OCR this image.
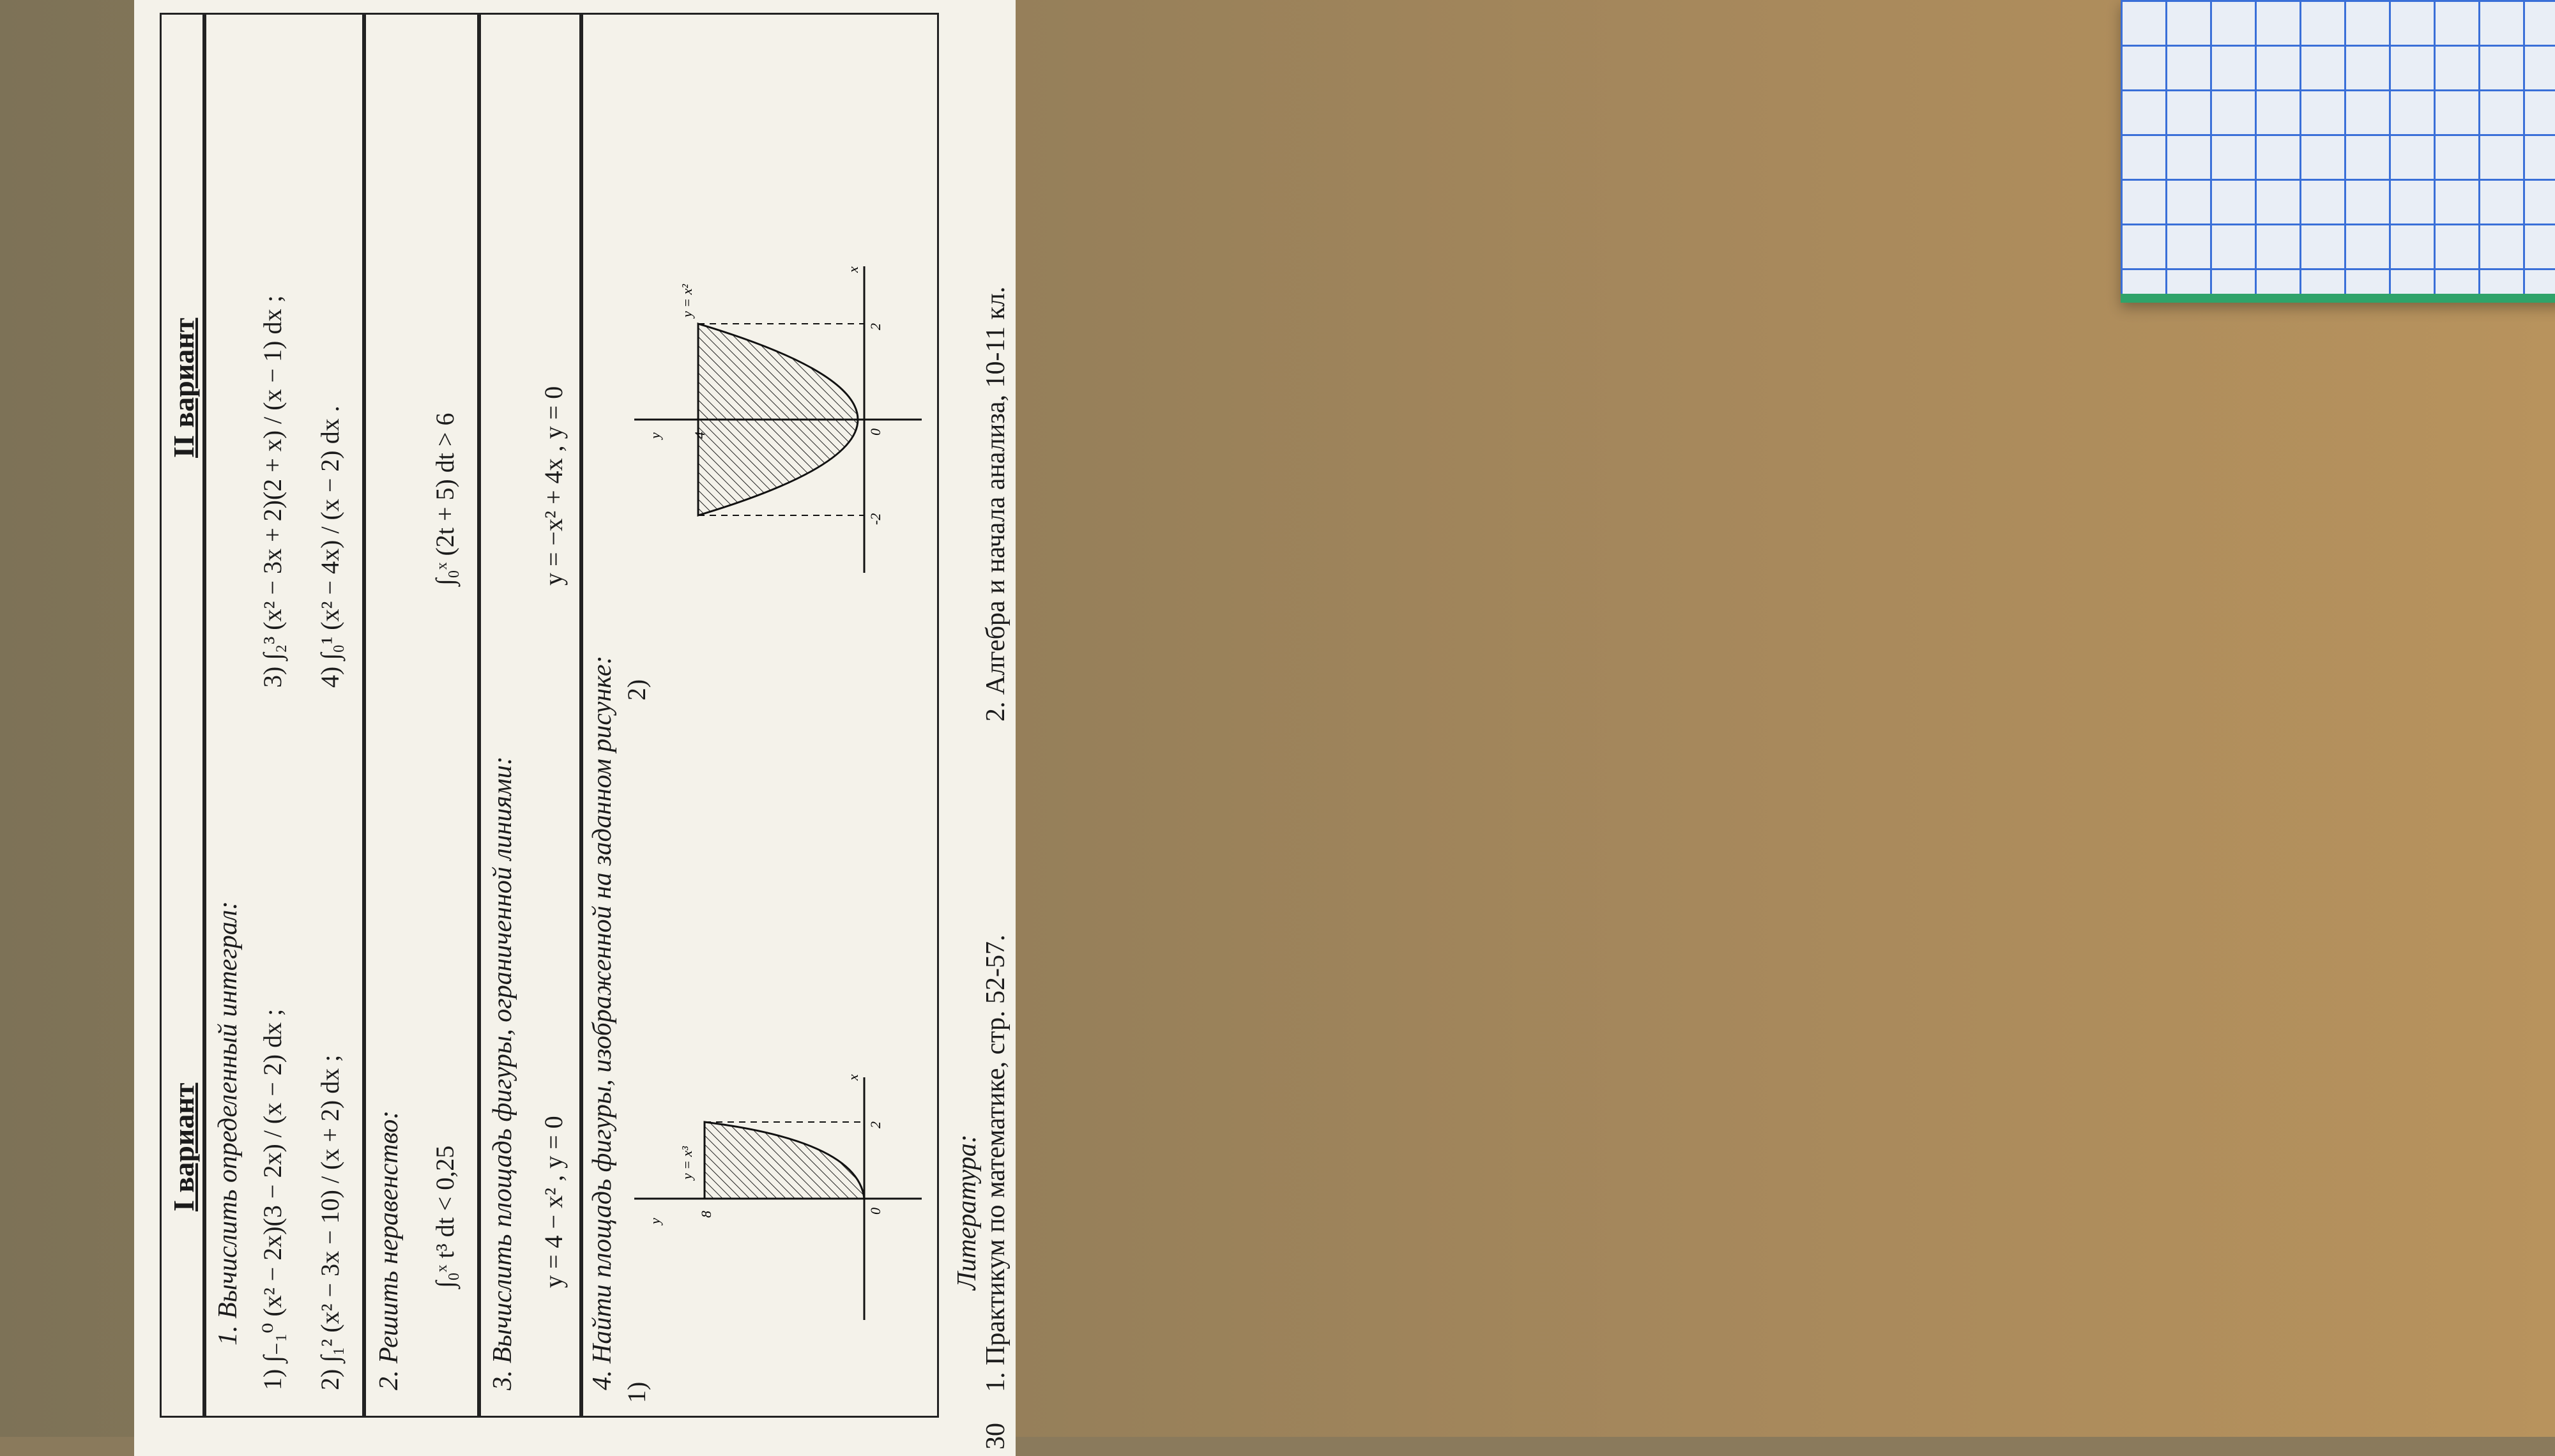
I вариант
II вариант
1. Вычислить определенный интеграл: 1) ∫₋₁⁰ (x² − 2x)(3 − 2x) / (x − 2) dx ; 2) ∫₁² (x² − 3x − 10) / (x + 2) dx ;
3) ∫₂³ (x² − 3x + 2)(2 + x) / (x − 1) dx ; 4) ∫₀¹ (x² − 4x) / (x − 2) dx .
2. Решить неравенство: ∫₀ˣ t³ dt < 0,25
∫₀ˣ (2t + 5) dt > 6
3. Вычислить площадь фигуры, ограниченной линиями: y = 4 − x² , y = 0
y = −x² + 4x , y = 0
4. Найти площадь фигуры, изображенной на заданном рисунке:
1)
y
x
8	0
2
y = x³
2)
y
x
4
-2
0
2
y = x²
Литература: 1. Практикум по математике, стр. 52-57.
2. Алгебра и начала анализа, 10-11 кл.
30
